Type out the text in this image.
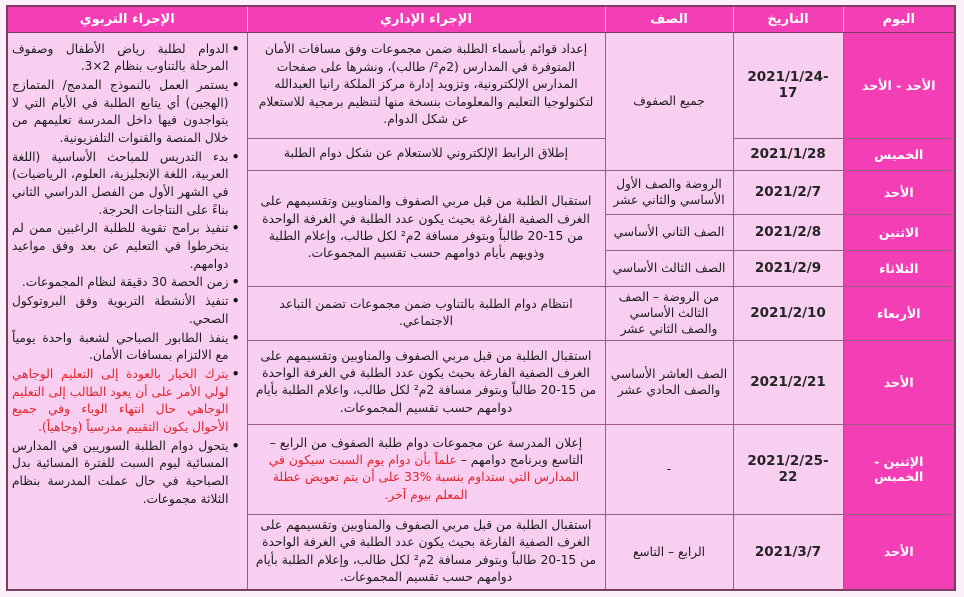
اليوم	التاريخ	الصف	الإجراء الإداري	الإجراء التربوي
الأحد - الأحد	2021/1/24-17	جميع الصفوف	إعداد قوائم بأسماء الطلبة ضمن مجموعات وفق مسافات الأمان المتوفرة في المدارس (2م²/ طالب)، ونشرها على صفحات المدارس الإلكترونية، وتزويد إدارة مركز الملكة رانيا العبدالله لتكنولوجيا التعليم والمعلومات بنسخة منها لتنظيم برمجية للاستعلام عن شكل الدوام.	
• الدوام لطلبة رياض الأطفال وصفوف المرحلة بالتناوب بنظام ‎3×2‎.
• يستمر العمل بالنموذج المدمج/ المتمازج (الهجين) أي يتابع الطلبة في الأيام التي لا يتواجدون فيها داخل المدرسة تعليمهم من خلال المنصة والقنوات التلفزيونية.
• بدء التدريس للمباحث الأساسية (اللغة العربية، اللغة الإنجليزية، العلوم، الرياضيات) في الشهر الأول من الفصل الدراسي الثاني بناءً على النتاجات الحرجة.
• تنفيذ برامج تقوية للطلبة الراغبين ممن لم ينخرطوا في التعليم عن بعد وفق مواعيد دوامهم.
• زمن الحصة 30 دقيقة لنظام المجموعات.
• تنفيذ الأنشطة التربوية وفق البروتوكول الصحي.
• ينفذ الطابور الصباحي لشعبة واحدة يومياً مع الالتزام بمسافات الأمان.
• يترك الخيار بالعودة إلى التعليم الوجاهي لولي الأمر على أن يعود الطالب إلى التعليم الوجاهي حال انتهاء الوباء وفي جميع الأحوال يكون التقييم مدرسياً (وجاهياً).
• يتحول دوام الطلبة السوريين في المدارس المسائية ليوم السبت للفترة المسائية بدل الصباحية في حال عملت المدرسة بنظام الثلاثة مجموعات.

الخميس	2021/1/28		إطلاق الرابط الإلكتروني للاستعلام عن شكل دوام الطلبة	
الأحد	2021/2/7	الروضة والصف الأول الأساسي والثاني عشر	استقبال الطلبة من قبل مربي الصفوف والمناوبين وتقسيمهم على الغرف الصفية الفارغة بحيث يكون عدد الطلبة في الغرفة الواحدة من 15-20 طالباً وبتوفر مسافة 2م² لكل طالب، وإعلام الطلبة وذويهم بأيام دوامهم حسب تقسيم المجموعات.	
الاثنين	2021/2/8	الصف الثاني الأساسي		
الثلاثاء	2021/2/9	الصف الثالث الأساسي		
الأربعاء	2021/2/10	من الروضة – الصف الثالث الأساسي والصف الثاني عشر	انتظام دوام الطلبة بالتناوب ضمن مجموعات تضمن التباعد الاجتماعي.	
الأحد	2021/2/21	الصف العاشر الأساسي والصف الحادي عشر	استقبال الطلبة من قبل مربي الصفوف والمناوبين وتقسيمهم على الغرف الصفية الفارغة بحيث يكون عدد الطلبة في الغرفة الواحدة من 15-20 طالباً وبتوفر مسافة 2م² لكل طالب، واعلام الطلبة بأيام دوامهم حسب تقسيم المجموعات.	
الإثنين - الخميس	2021/2/25-22	-	إعلان المدرسة عن مجموعات دوام طلبة الصفوف من الرابع – التاسع وبرنامج دوامهم – علماً بأن دوام يوم السبت سيكون في المدارس التي ستداوم بنسبة %33 على أن يتم تعويض عطلة المعلم بيوم آخر.	
الأحد	2021/3/7	الرابع – التاسع	استقبال الطلبة من قبل مربي الصفوف والمناوبين وتقسيمهم على الغرف الصفية الفارغة بحيث يكون عدد الطلبة في الغرفة الواحدة من 15-20 طالباً وبتوفر مسافة 2م² لكل طالب، وإعلام الطلبة بأيام دوامهم حسب تقسيم المجموعات.	
